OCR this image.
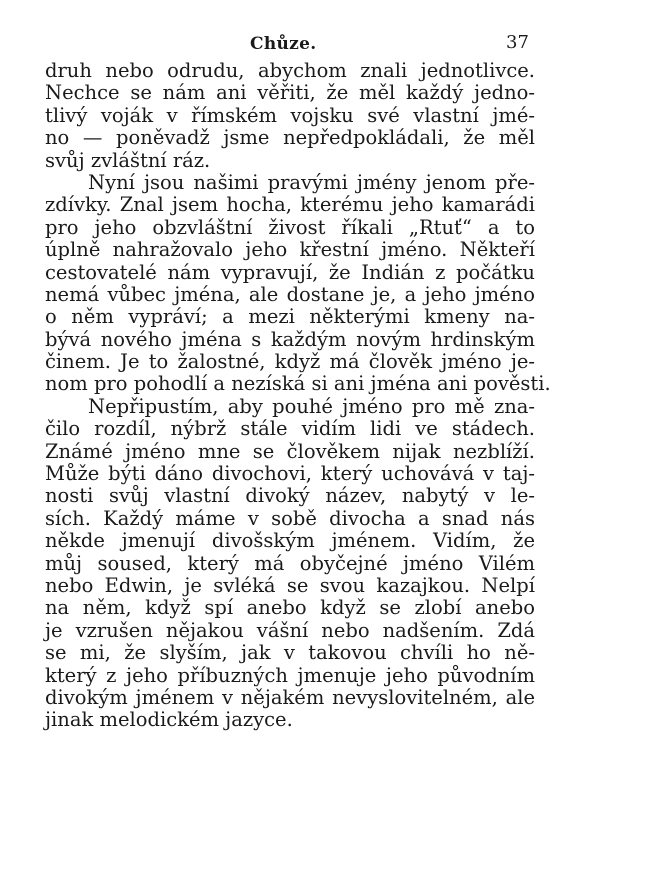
Chůze.	37
druh nebo odrudu, abychom znali jednotlivce.
Nechce se nám ani věřiti, že měl každý jedno-
tlivý voják v římském vojsku své vlastní jmé-
no — poněvadž jsme nepředpokládali, že měl
svůj zvláštní ráz.
Nyní jsou našimi pravými jmény jenom pře-
zdívky. Znal jsem hocha, kterému jeho kamarádi
pro jeho obzvláštní živost říkali „Rtuť“ a to
úplně nahražovalo jeho křestní jméno. Někteří
cestovatelé nám vypravují, že Indián z počátku
nemá vůbec jména, ale dostane je, a jeho jméno
o něm vypráví; a mezi některými kmeny na-
bývá nového jména s každým novým hrdinským
činem. Je to žalostné, když má člověk jméno je-
nom pro pohodlí a nezíská si ani jména ani pověsti.
Nepřipustím, aby pouhé jméno pro mě zna-
čilo rozdíl, nýbrž stále vidím lidi ve stádech.
Známé jméno mne se člověkem nijak nezblíží.
Může býti dáno divochovi, který uchovává v taj-
nosti svůj vlastní divoký název, nabytý v le-
sích. Každý máme v sobě divocha a snad nás
někde jmenují divošským jménem. Vidím, že
můj soused, který má obyčejné jméno Vilém
nebo Edwin, je svléká se svou kazajkou. Nelpí
na něm, když spí anebo když se zlobí anebo
je vzrušen nějakou vášní nebo nadšením. Zdá
se mi, že slyším, jak v takovou chvíli ho ně-
který z jeho příbuzných jmenuje jeho původním
divokým jménem v nějakém nevyslovitelném, ale
jinak melodickém jazyce.
